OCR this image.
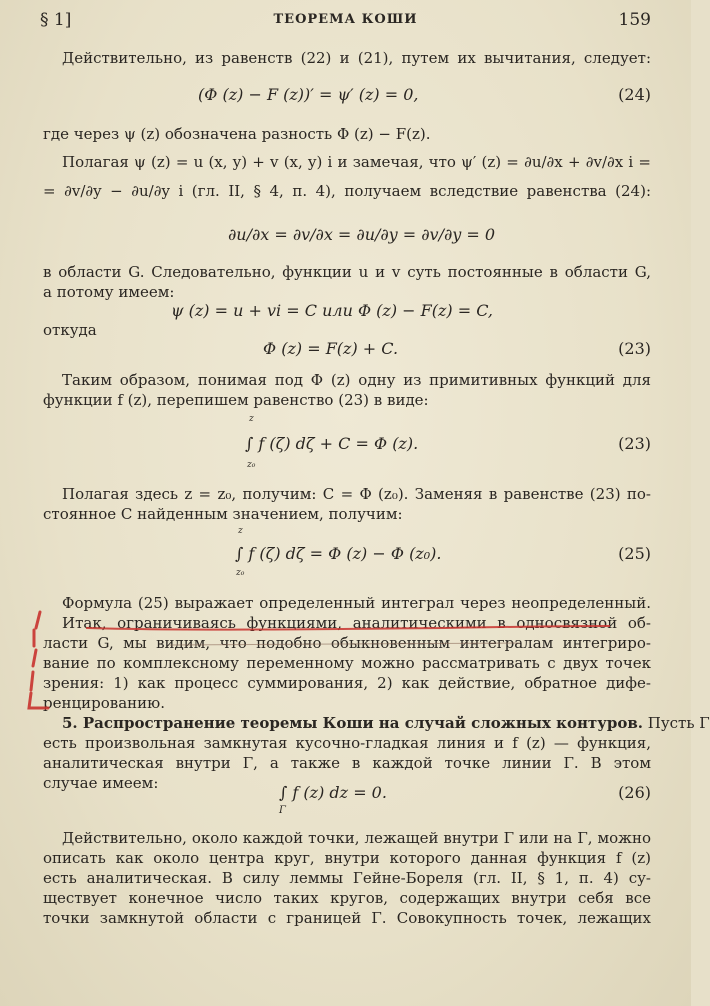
§ 1]	ТЕОРЕМА КОШИ	159
Действительно, из равенств (22) и (21), путем их вычитания, следует:
(Φ (z) − F (z))′ = ψ′ (z) = 0,	(24)
где через ψ (z) обозначена разность Φ (z) − F(z).
Полагая ψ (z) = u (x, y) + v (x, y) i и замечая, что ψ′ (z) = ∂u/∂x + ∂v/∂x i =
= ∂v/∂y − ∂u/∂y i (гл. II, § 4, п. 4), получаем вследствие равенства (24):
∂u/∂x = ∂v/∂x = ∂u/∂y = ∂v/∂y = 0
в области G. Следовательно, функции u и v суть постоянные в области G,
а потому имеем:
ψ (z) = u + vi = C или Φ (z) − F(z) = C,
откуда
Φ (z) = F(z) + C.	(23)
Таким образом, понимая под Φ (z) одну из примитивных функций для
функции f (z), перепишем равенство (23) в виде:
z
∫ f (ζ) dζ + C = Φ (z).
z₀
(23)
Полагая здесь z = z₀, получим: C = Φ (z₀). Заменяя в равенстве (23) по-
стоянное C найденным значением, получим:
z
∫ f (ζ) dζ = Φ (z) − Φ (z₀).
z₀
(25)
Формула (25) выражает определенный интеграл через неопределенный.
Итак, ограничиваясь функциями, аналитическими в односвязной об-
ласти G, мы видим, что подобно обыкновенным интегралам интегриро-
вание по комплексному переменному можно рассматривать с двух точек
зрения: 1) как процесс суммирования, 2) как действие, обратное дифе-
ренцированию.
5. Распространение теоремы Коши на случай сложных контуров. Пусть Γ
есть произвольная замкнутая кусочно-гладкая линия и f (z) — функция,
аналитическая внутри Γ, а также в каждой точке линии Γ. В этом
случае имеем:	∫ f (z) dz = 0.
Γ
(26)
Действительно, около каждой точки, лежащей внутри Γ или на Γ, можно
описать как около центра круг, внутри которого данная функция f (z)
есть аналитическая. В силу леммы Гейне-Бореля (гл. II, § 1, п. 4) су-
ществует конечное число таких кругов, содержащих внутри себя все
точки замкнутой области с границей Γ. Совокупность точек, лежащих
